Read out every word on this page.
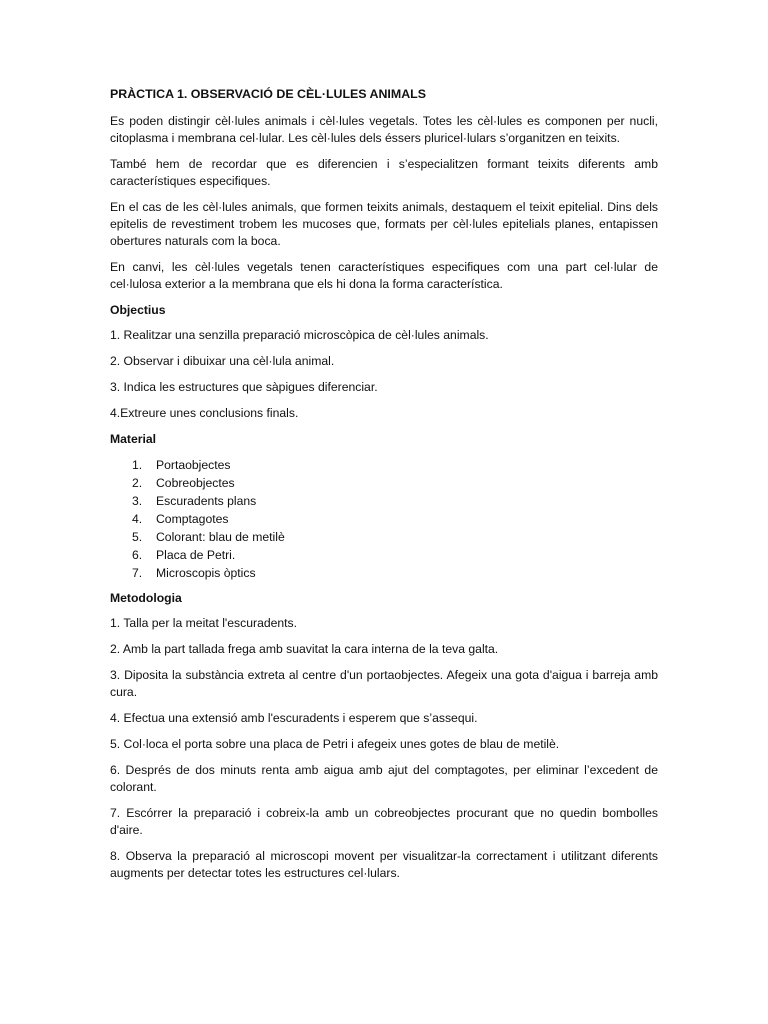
PRÀCTICA 1. OBSERVACIÓ DE CÈL·LULES ANIMALS

Es poden distingir cèl·lules animals i cèl·lules vegetals. Totes les cèl·lules es componen per nucli, citoplasma i membrana cel·lular. Les cèl·lules dels éssers pluricel·lulars s’organitzen en teixits.

També hem de recordar que es diferencien i s’especialitzen formant teixits diferents amb característiques especifiques.

En el cas de les cèl·lules animals, que formen teixits animals, destaquem el teixit epitelial. Dins dels epitelis de revestiment trobem les mucoses que, formats per cèl·lules epitelials planes, entapissen obertures naturals com la boca.

En canvi, les cèl·lules vegetals tenen característiques especifiques com una part cel·lular de cel·lulosa exterior a la membrana que els hi dona la forma característica.

Objectius

1. Realitzar una senzilla preparació microscòpica de cèl·lules animals.

2. Observar i dibuixar una cèl·lula animal.

3. Indica les estructures que sàpigues diferenciar.

4.Extreure unes conclusions finals.

Material
1. Portaobjectes
2. Cobreobjectes
3. Escuradents plans
4. Comptagotes
5. Colorant: blau de metilè
6. Placa de Petri.
7. Microscopis òptics
Metodologia

1. Talla per la meitat l'escuradents.

2. Amb la part tallada frega amb suavitat la cara interna de la teva galta.

3. Diposita la substància extreta al centre d'un portaobjectes. Afegeix una gota d'aigua i barreja amb cura.

4. Efectua una extensió amb l'escuradents i esperem que s’assequi.

5. Col·loca el porta sobre una placa de Petri i afegeix unes gotes de blau de metilè.

6. Després de dos minuts renta amb aigua amb ajut del comptagotes, per eliminar l’excedent de colorant.

7. Escórrer la preparació i cobreix-la amb un cobreobjectes procurant que no quedin bombolles d'aire.

8. Observa la preparació al microscopi movent per visualitzar-la correctament i utilitzant diferents augments per detectar totes les estructures cel·lulars.
